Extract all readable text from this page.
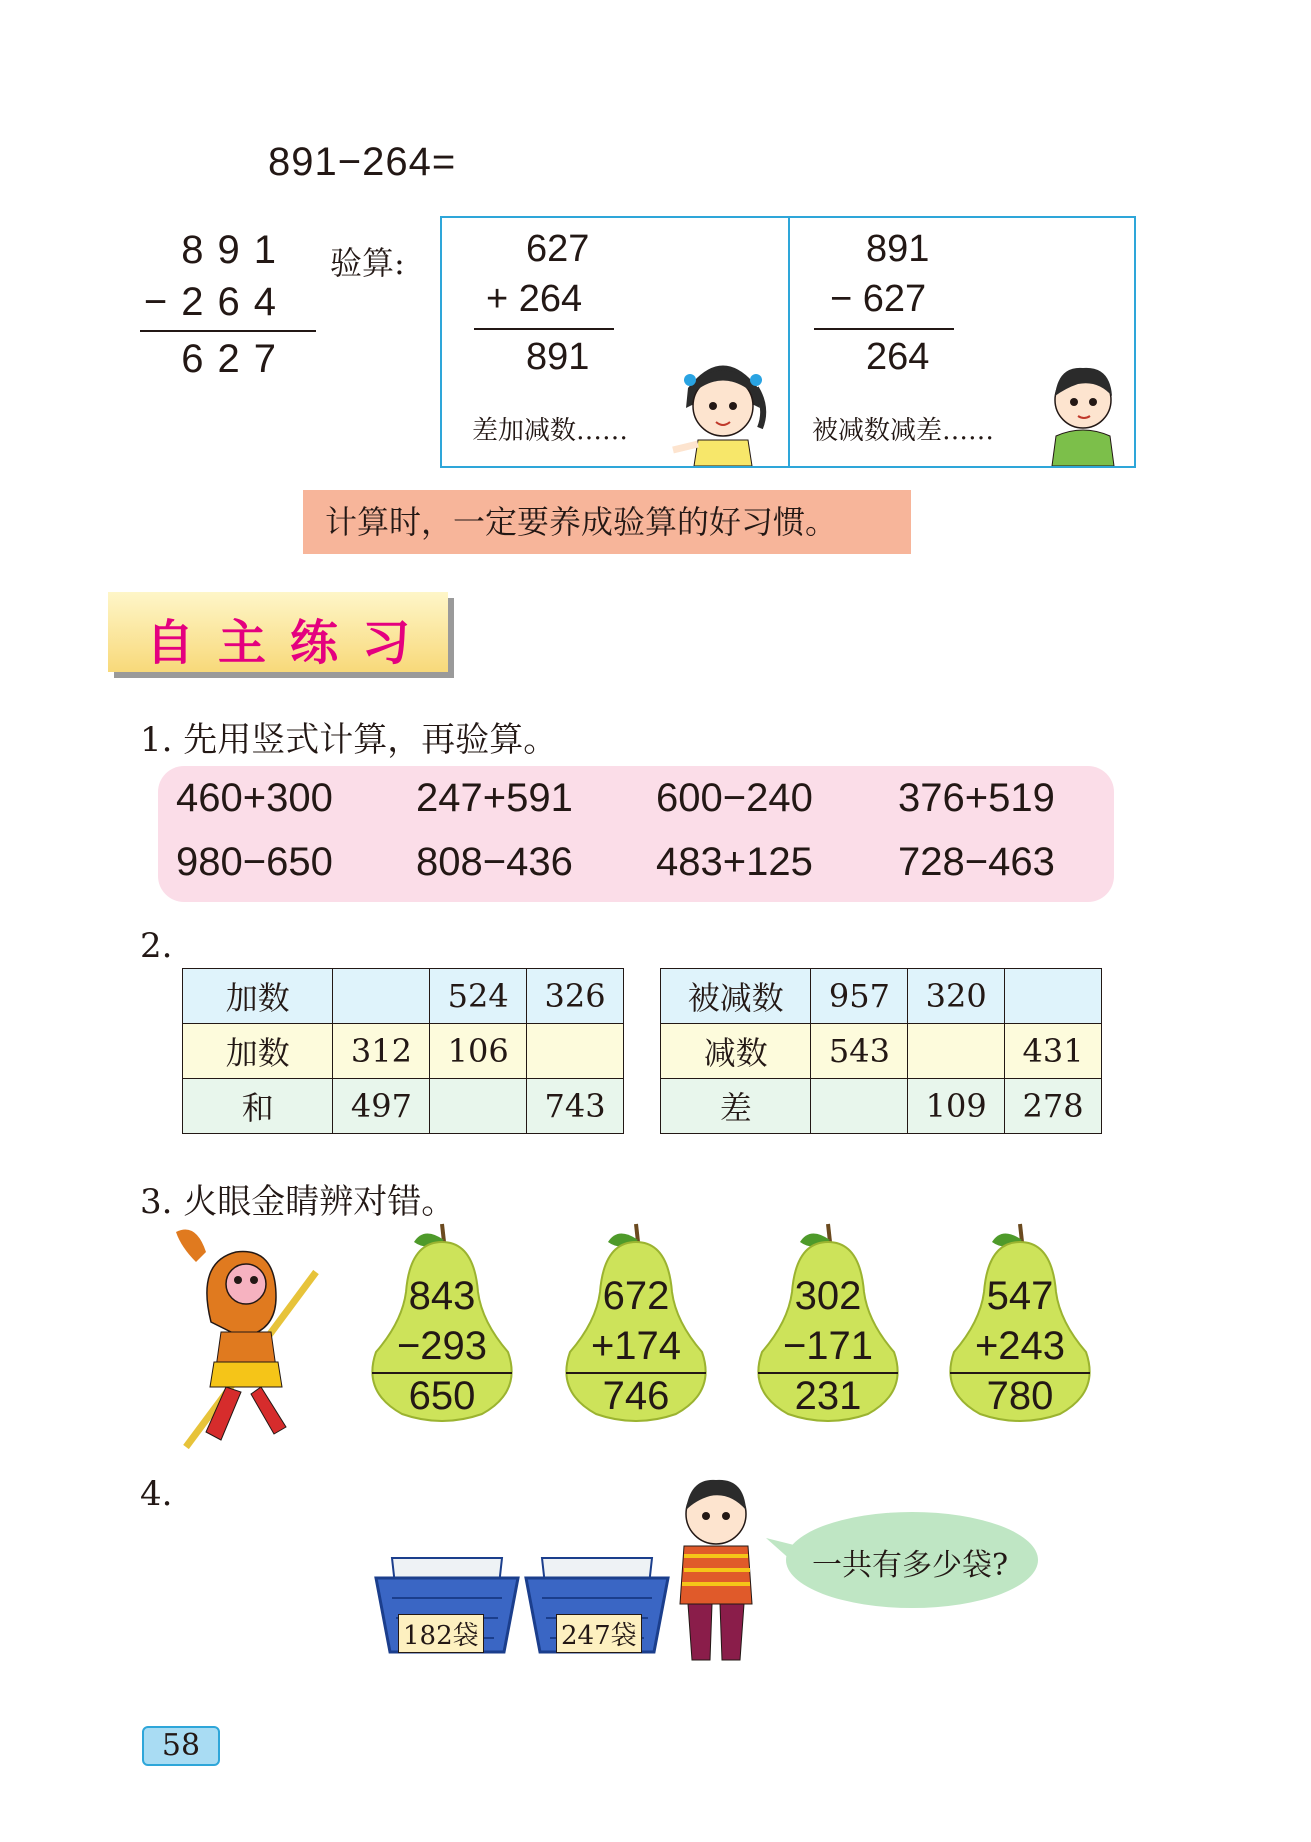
891−264=
891
−264
627
验算:	627
+ 264
891
差加减数……
891
− 627
264
被减数减差……
计算时，一定要养成验算的好习惯。
自主练习
1. 先用竖式计算，再验算。
460+300 247+591 600−240 376+519
980−650 808−436 483+125 728−463
2.
加数		524	326
加数	312	106	
和	497		743
被减数	957	320	
减数	543		431
差		109	278
3. 火眼金睛辨对错。
843
−293
650
672
+174
746
302
−171
231
547
+243
780
4.
182袋	247袋
一共有多少袋?
58
